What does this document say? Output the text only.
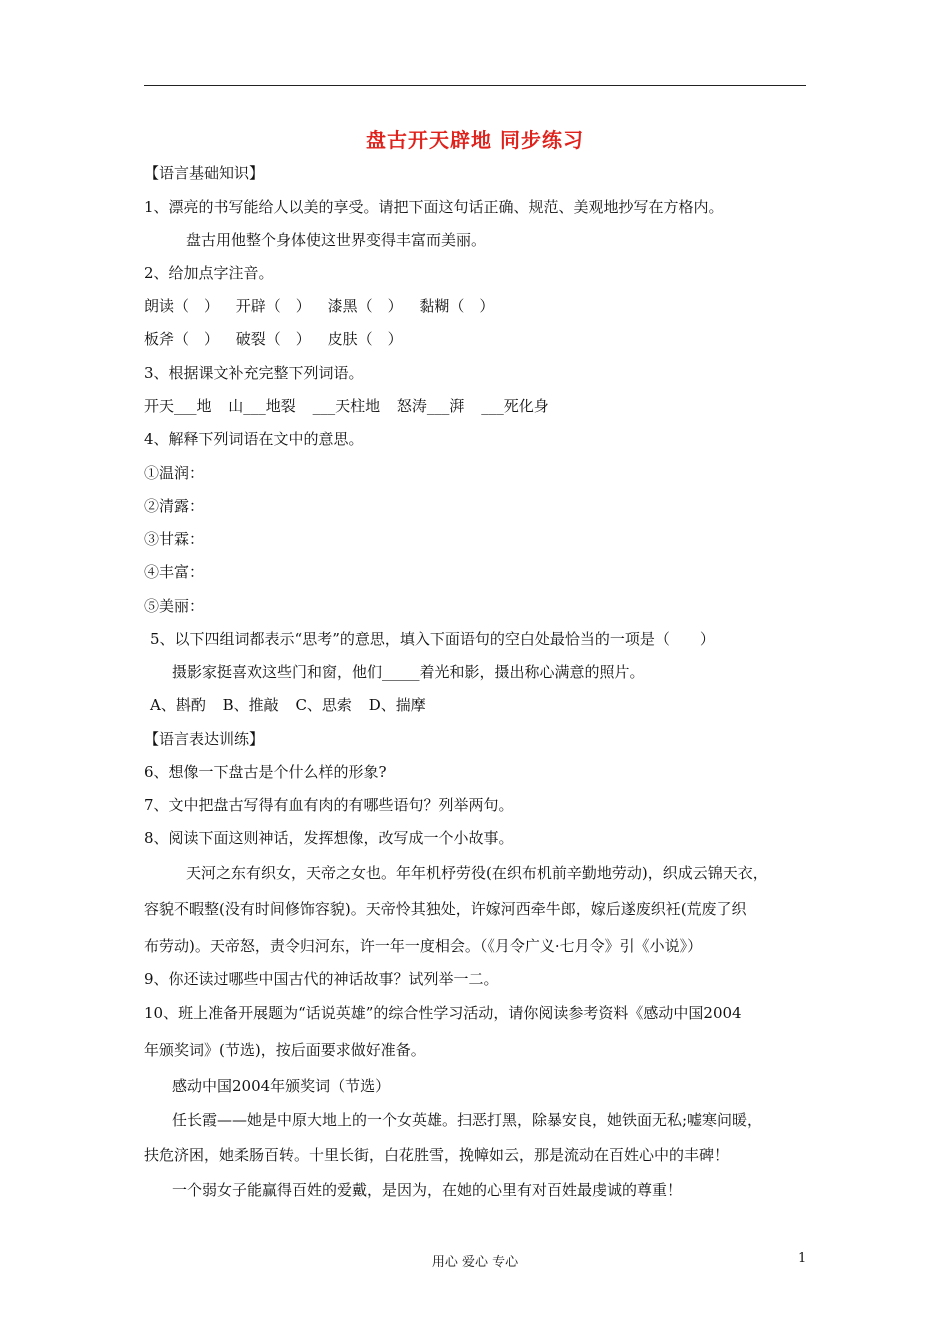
盘古开天辟地 同步练习
【语言基础知识】
1、漂亮的书写能给人以美的享受。请把下面这句话正确、规范、美观地抄写在方格内。
盘古用他整个身体使这世界变得丰富而美丽。
2、给加点字注音。
朗读（　） 开辟（　） 漆黑（　） 黏糊（　）
板斧（　） 破裂（　） 皮肤（　）
3、根据课文补充完整下列词语。
开天___地 山___地裂 ___天柱地 怒涛___湃 ___死化身
4、解释下列词语在文中的意思。
①温润：
②清露：
③甘霖：
④丰富：
⑤美丽：
5、以下四组词都表示“思考”的意思，填入下面语句的空白处最恰当的一项是（　　）
摄影家挺喜欢这些门和窗，他们_____着光和影，摄出称心满意的照片。
A、斟酌 B、推敲 C、思索 D、揣摩
【语言表达训练】
6、想像一下盘古是个什么样的形象?
7、文中把盘古写得有血有肉的有哪些语句？列举两句。
8、阅读下面这则神话，发挥想像，改写成一个小故事。
天河之东有织女，天帝之女也。年年机杼劳役(在织布机前辛勤地劳动)，织成云锦天衣，
容貌不暇整(没有时间修饰容貌)。天帝怜其独处，许嫁河西牵牛郎，嫁后遂废织衽(荒废了织
布劳动)。天帝怒，责令归河东，许一年一度相会。（《月令广义·七月令》引《小说》）
9、你还读过哪些中国古代的神话故事？试列举一二。
10、班上准备开展题为“话说英雄”的综合性学习活动，请你阅读参考资料《感动中国2004
年颁奖词》(节选)，按后面要求做好准备。
感动中国2004年颁奖词（节选）
任长霞——她是中原大地上的一个女英雄。扫恶打黑，除暴安良，她铁面无私;嘘寒问暖，
扶危济困，她柔肠百转。十里长街，白花胜雪，挽幛如云，那是流动在百姓心中的丰碑！
一个弱女子能赢得百姓的爱戴，是因为，在她的心里有对百姓最虔诚的尊重！
用心 爱心 专心	1
